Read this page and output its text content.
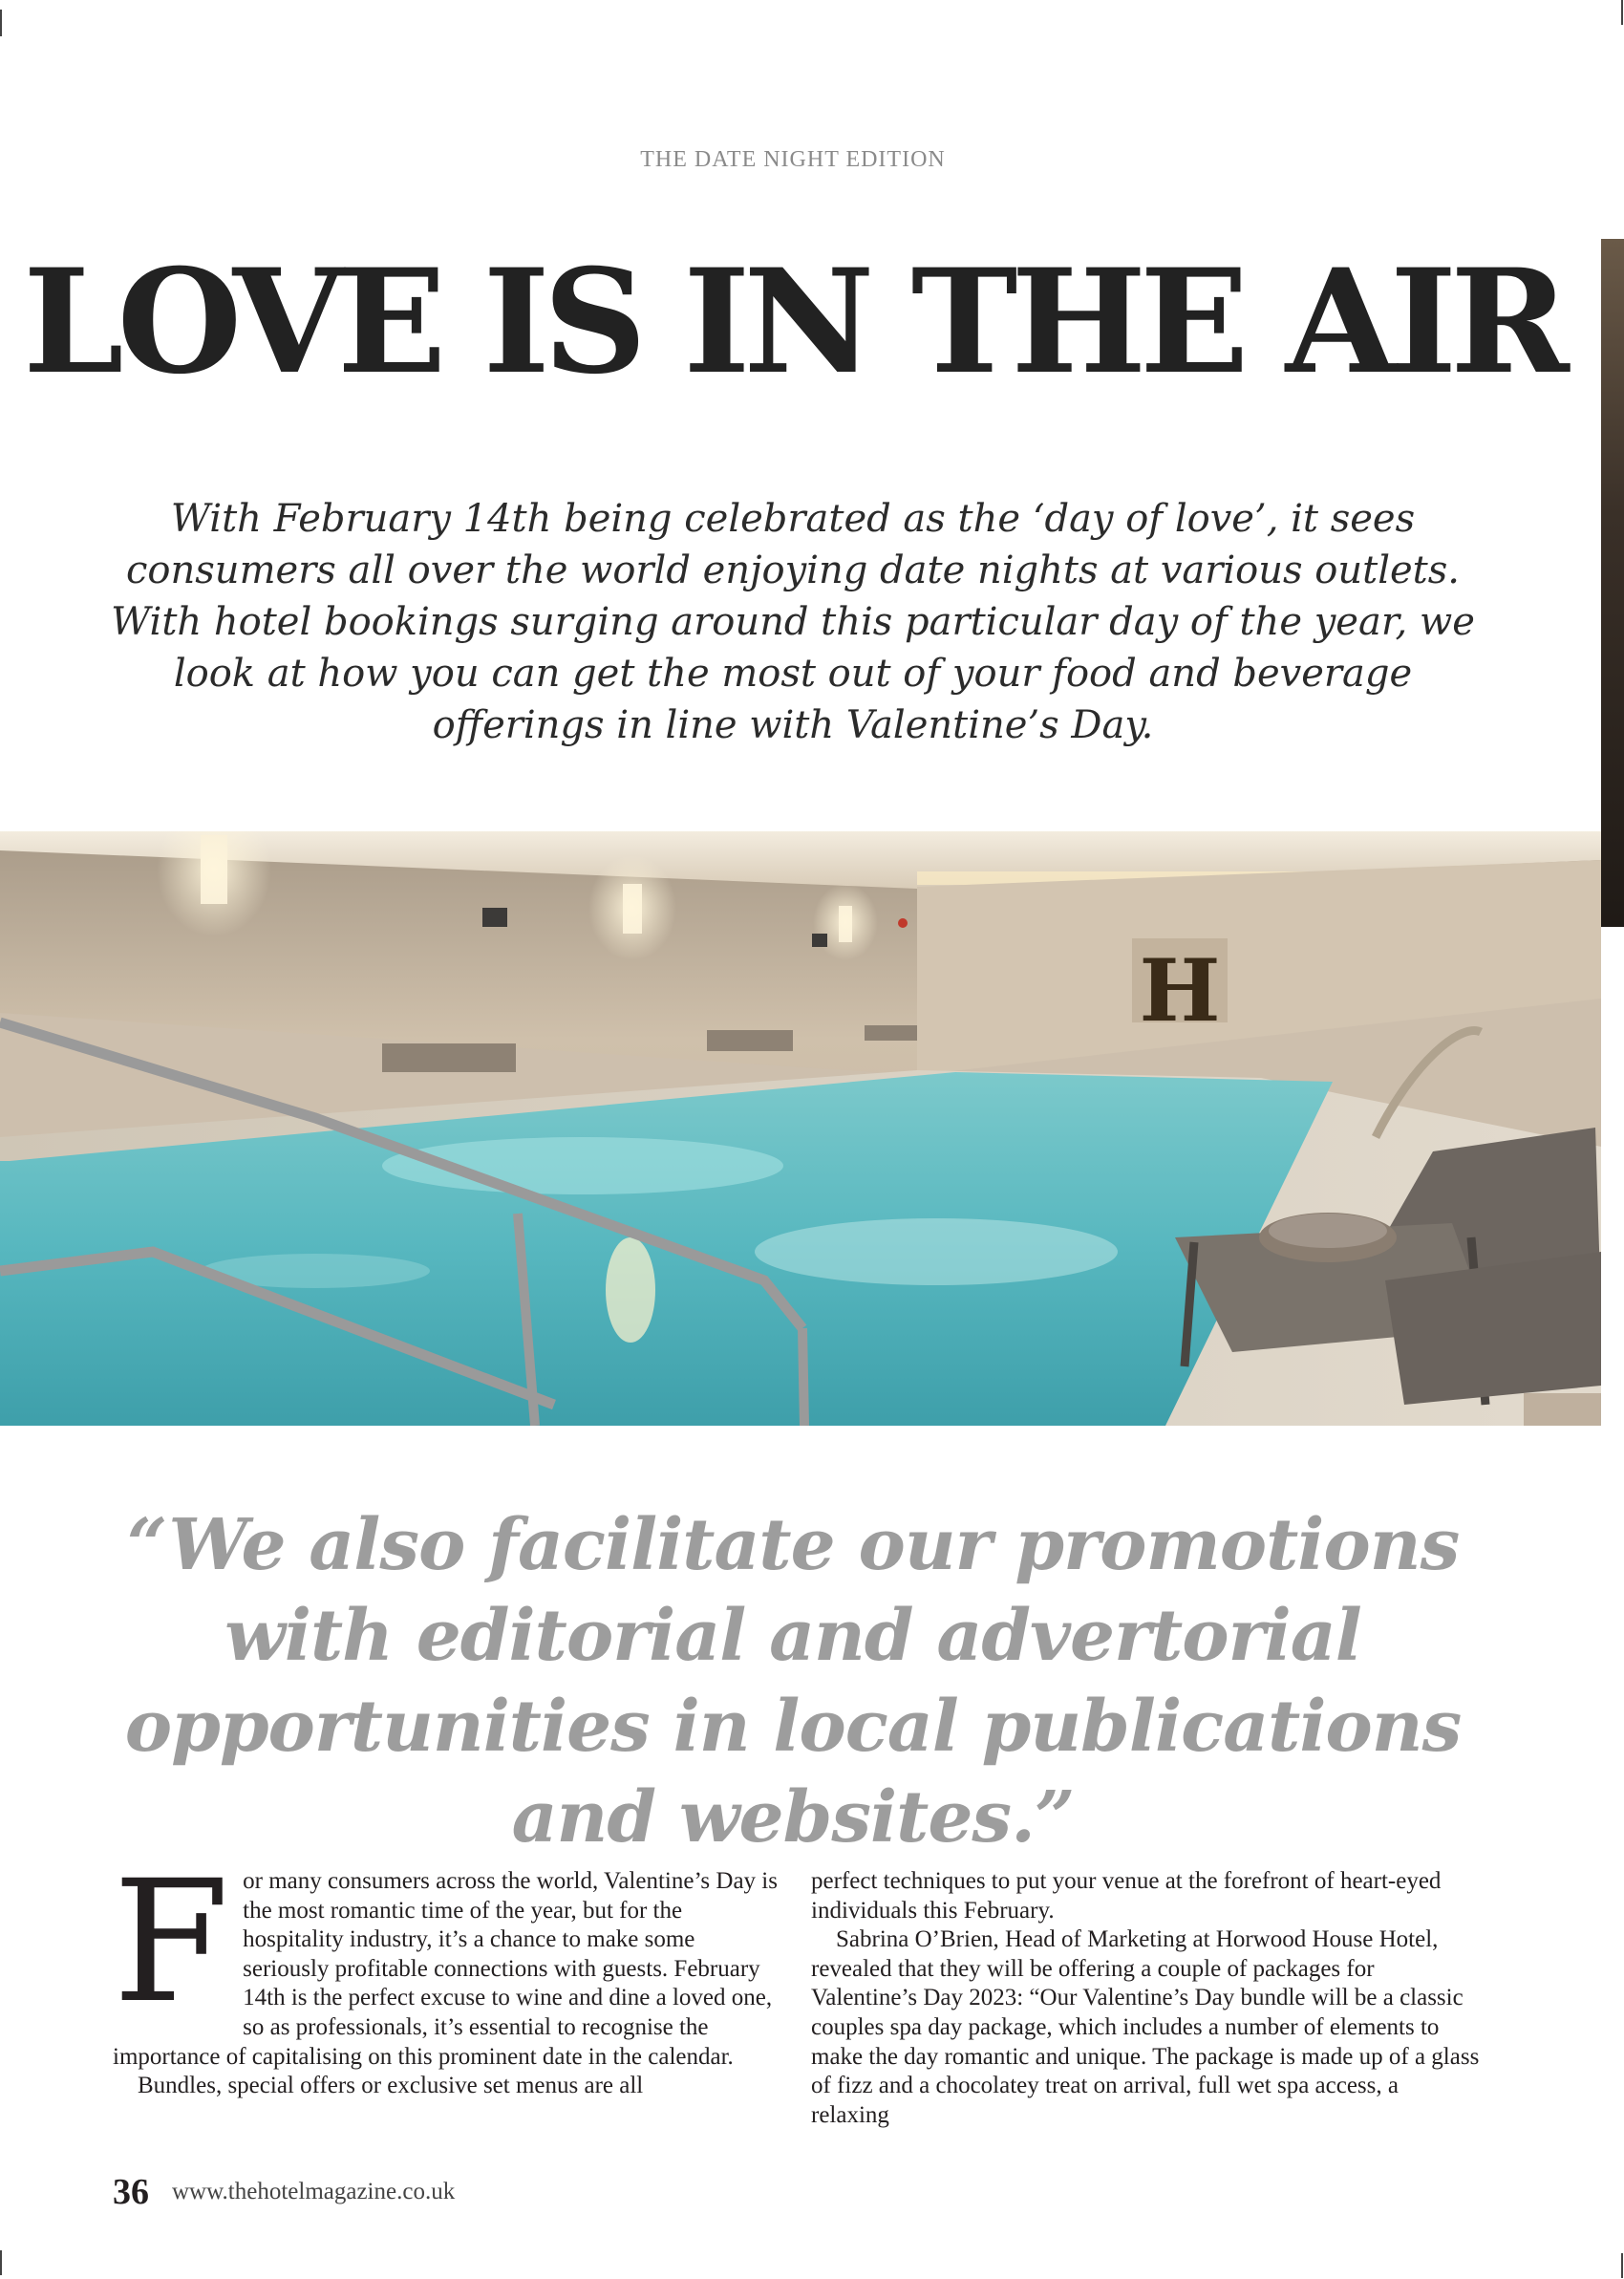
THE DATE NIGHT EDITION
LOVE IS IN THE AIR

With February 14th being celebrated as the ‘day of love’, it sees consumers all over the world enjoying date nights at various outlets. With hotel bookings surging around this particular day of the year, we look at how you can get the most out of your food and beverage offerings in line with Valentine’s Day.

H

“We also facilitate our promotions with editorial and advertorial opportunities in local publications and websites.”

For many consumers across the world, Valentine’s Day is the most romantic time of the year, but for the hospitality industry, it’s a chance to make some seriously profitable connections with guests. February 14th is the perfect excuse to wine and dine a loved one, so as professionals, it’s essential to recognise the importance of capitalising on this prominent date in the calendar.

Bundles, special offers or exclusive set menus are all

perfect techniques to put your venue at the forefront of heart-eyed individuals this February.

Sabrina O’Brien, Head of Marketing at Horwood House Hotel, revealed that they will be offering a couple of packages for Valentine’s Day 2023: “Our Valentine’s Day bundle will be a classic couples spa day package, which includes a number of elements to make the day romantic and unique. The package is made up of a glass of fizz and a chocolatey treat on arrival, full wet spa access, a relaxing

36 www.thehotelmagazine.co.uk
